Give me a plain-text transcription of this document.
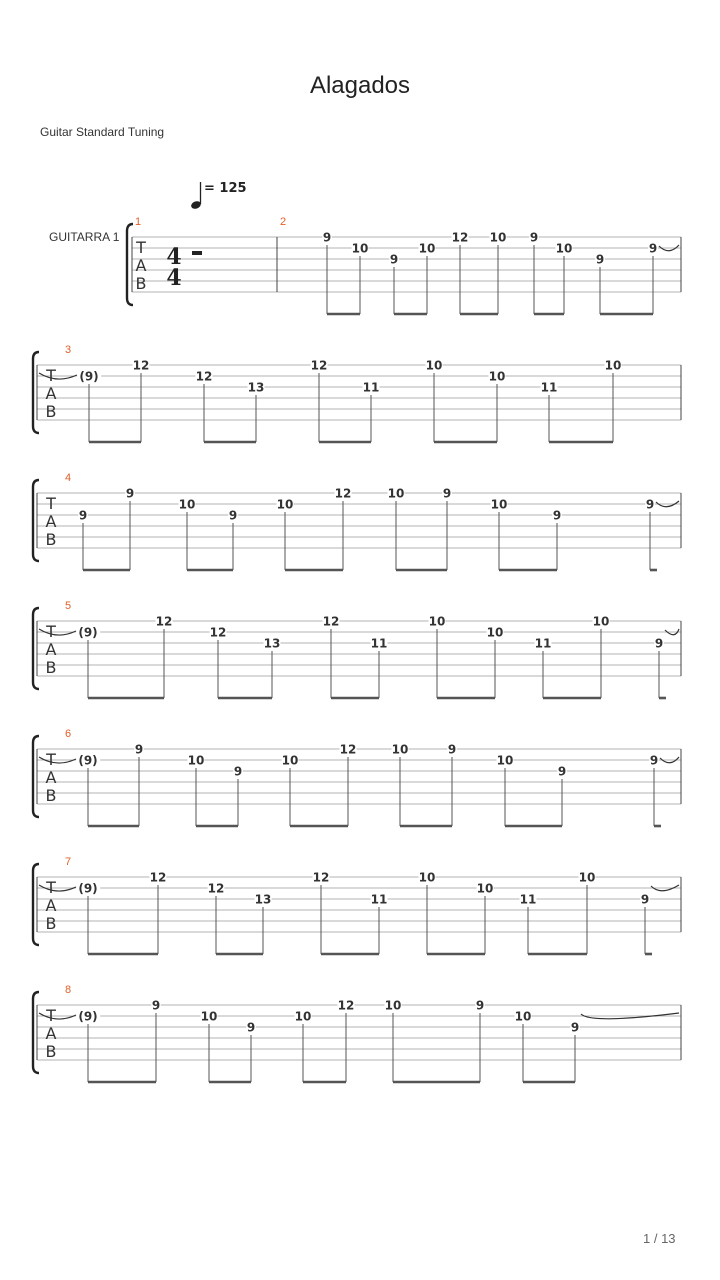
Alagados
Guitar Standard Tuning
= 125
GUITARRA 1
T
A
B
4
4
1	2
9
10
9
10
12 10 9
10
9
9
T
A
B
3
(9)
12
12
13
12
11
10
10
11
10
T
A
B
4
9
9
10
9
10
12	10	9
10
9
9
T
A
B
5
(9)
12
12
13
12
11
10
10
11
10
9
T
A
B
6
(9)
9
10
9
10
12	10	9
10
9
9
T
A
B
7
(9)
12
12
13
12
11
10
10
11
10
9
T
A
B
8
(9)
9
10
9
10
12	10	9
10
9
1 / 13
